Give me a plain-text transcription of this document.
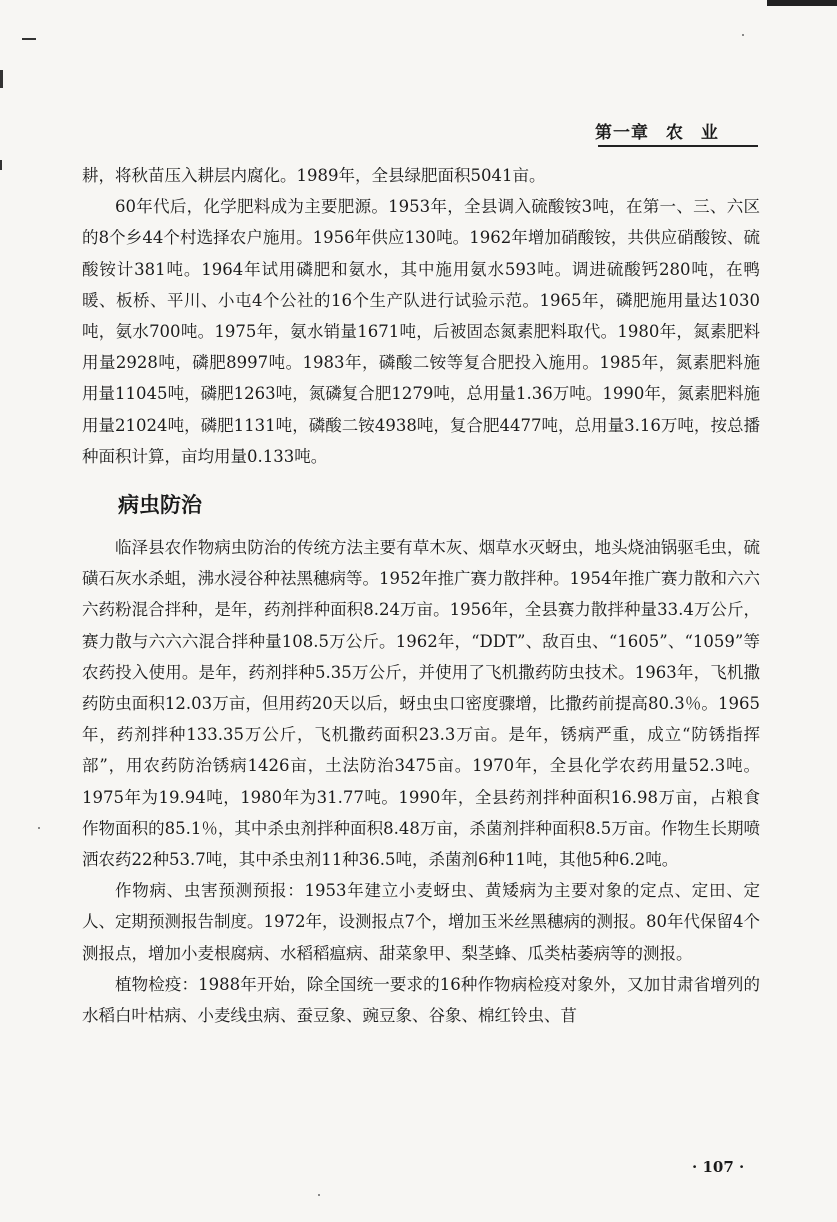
第一章 农 业

耕，将秋苗压入耕层内腐化。1989年，全县绿肥面积5041亩。

60年代后，化学肥料成为主要肥源。1953年，全县调入硫酸铵3吨，在第一、三、六区的8个乡44个村选择农户施用。1956年供应130吨。1962年增加硝酸铵，共供应硝酸铵、硫酸铵计381吨。1964年试用磷肥和氨水，其中施用氨水593吨。调进硫酸钙280吨，在鸭暖、板桥、平川、小屯4个公社的16个生产队进行试验示范。1965年，磷肥施用量达1030吨，氨水700吨。1975年，氨水销量1671吨，后被固态氮素肥料取代。1980年，氮素肥料用量2928吨，磷肥8997吨。1983年，磷酸二铵等复合肥投入施用。1985年，氮素肥料施用量11045吨，磷肥1263吨，氮磷复合肥1279吨，总用量1.36万吨。1990年，氮素肥料施用量21024吨，磷肥1131吨，磷酸二铵4938吨，复合肥4477吨，总用量3.16万吨，按总播种面积计算，亩均用量0.133吨。

病虫防治

临泽县农作物病虫防治的传统方法主要有草木灰、烟草水灭蚜虫，地头烧油锅驱毛虫，硫磺石灰水杀蛆，沸水浸谷种祛黑穗病等。1952年推广赛力散拌种。1954年推广赛力散和六六六药粉混合拌种，是年，药剂拌种面积8.24万亩。1956年，全县赛力散拌种量33.4万公斤，赛力散与六六六混合拌种量108.5万公斤。1962年，“DDT”、敌百虫、“1605”、“1059”等农药投入使用。是年，药剂拌种5.35万公斤，并使用了飞机撒药防虫技术。1963年，飞机撒药防虫面积12.03万亩，但用药20天以后，蚜虫虫口密度骤增，比撒药前提高80.3％。1965年，药剂拌种133.35万公斤，飞机撒药面积23.3万亩。是年，锈病严重，成立“防锈指挥部”，用农药防治锈病1426亩，土法防治3475亩。1970年，全县化学农药用量52.3吨。1975年为19.94吨，1980年为31.77吨。1990年，全县药剂拌种面积16.98万亩，占粮食作物面积的85.1％，其中杀虫剂拌种面积8.48万亩，杀菌剂拌种面积8.5万亩。作物生长期喷洒农药22种53.7吨，其中杀虫剂11种36.5吨，杀菌剂6种11吨，其他5种6.2吨。

作物病、虫害预测预报：1953年建立小麦蚜虫、黄矮病为主要对象的定点、定田、定人、定期预测报告制度。1972年，设测报点7个，增加玉米丝黑穗病的测报。80年代保留4个测报点，增加小麦根腐病、水稻稻瘟病、甜菜象甲、梨茎蜂、瓜类枯萎病等的测报。

植物检疫：1988年开始，除全国统一要求的16种作物病检疫对象外，又加甘肃省增列的水稻白叶枯病、小麦线虫病、蚕豆象、豌豆象、谷象、棉红铃虫、苜

· 107 ·
